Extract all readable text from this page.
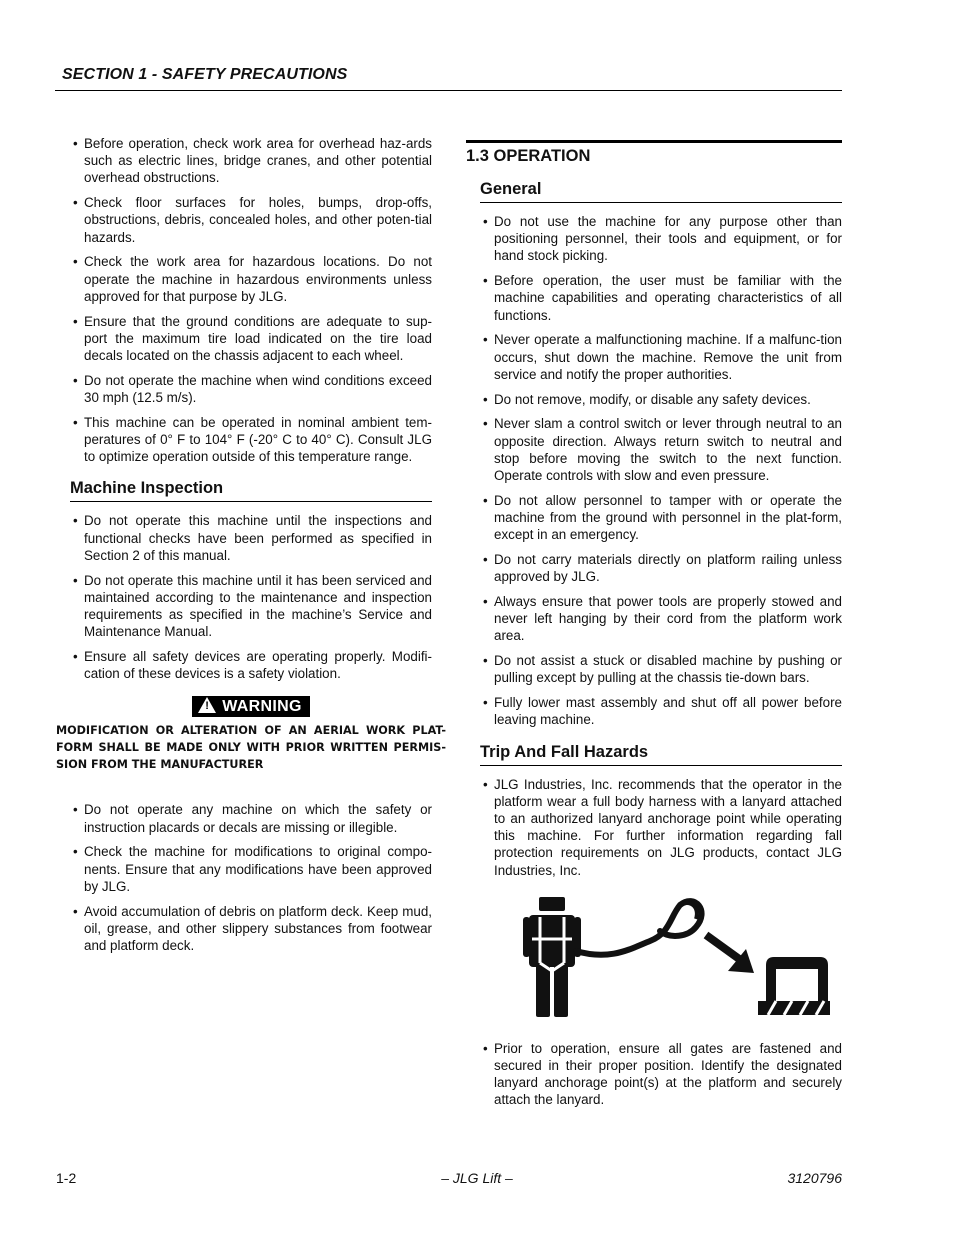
SECTION 1 - SAFETY PRECAUTIONS
• Before operation, check work area for overhead haz-ards such as electric lines, bridge cranes, and other potential overhead obstructions.
• Check floor surfaces for holes, bumps, drop-offs, obstructions, debris, concealed holes, and other poten-tial hazards.
• Check the work area for hazardous locations. Do not operate the machine in hazardous environments unless approved for that purpose by JLG.
• Ensure that the ground conditions are adequate to sup-port the maximum tire load indicated on the tire load decals located on the chassis adjacent to each wheel.
• Do not operate the machine when wind conditions exceed 30 mph (12.5 m/s).
• This machine can be operated in nominal ambient tem-peratures of 0° F to 104° F (-20° C to 40° C). Consult JLG to optimize operation outside of this temperature range.
Machine Inspection
• Do not operate this machine until the inspections and functional checks have been performed as specified in Section 2 of this manual.
• Do not operate this machine until it has been serviced and maintained according to the maintenance and inspection requirements as specified in the machine’s Service and Maintenance Manual.
• Ensure all safety devices are operating properly. Modifi-cation of these devices is a safety violation.
! WARNING
MODIFICATION OR ALTERATION OF AN AERIAL WORK PLAT-FORM SHALL BE MADE ONLY WITH PRIOR WRITTEN PERMIS-SION FROM THE MANUFACTURER
• Do not operate any machine on which the safety or instruction placards or decals are missing or illegible.
• Check the machine for modifications to original compo-nents. Ensure that any modifications have been approved by JLG.
• Avoid accumulation of debris on platform deck. Keep mud, oil, grease, and other slippery substances from footwear and platform deck.
1.3 OPERATION
General
• Do not use the machine for any purpose other than positioning personnel, their tools and equipment, or for hand stock picking.
• Before operation, the user must be familiar with the machine capabilities and operating characteristics of all functions.
• Never operate a malfunctioning machine. If a malfunc-tion occurs, shut down the machine. Remove the unit from service and notify the proper authorities.
• Do not remove, modify, or disable any safety devices.
• Never slam a control switch or lever through neutral to an opposite direction. Always return switch to neutral and stop before moving the switch to the next function. Operate controls with slow and even pressure.
• Do not allow personnel to tamper with or operate the machine from the ground with personnel in the plat-form, except in an emergency.
• Do not carry materials directly on platform railing unless approved by JLG.
• Always ensure that power tools are properly stowed and never left hanging by their cord from the platform work area.
• Do not assist a stuck or disabled machine by pushing or pulling except by pulling at the chassis tie-down bars.
• Fully lower mast assembly and shut off all power before leaving machine.
Trip And Fall Hazards
• JLG Industries, Inc. recommends that the operator in the platform wear a full body harness with a lanyard attached to an authorized lanyard anchorage point while operating this machine. For further information regarding fall protection requirements on JLG products, contact JLG Industries, Inc.
• Prior to operation, ensure all gates are fastened and secured in their proper position. Identify the designated lanyard anchorage point(s) at the platform and securely attach the lanyard.
1-2	– JLG Lift –	3120796
